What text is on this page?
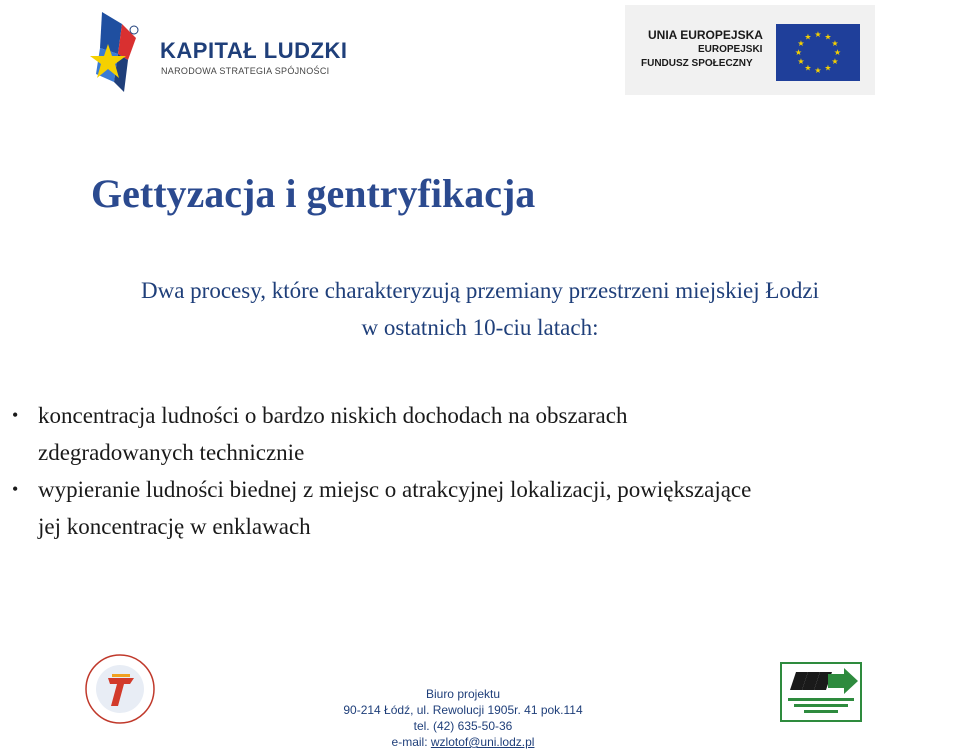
KAPITAŁ LUDZKI
NARODOWA STRATEGIA SPÓJNOŚCI
UNIA EUROPEJSKA
EUROPEJSKI
FUNDUSZ SPOŁECZNY
★ ★
★
★
★
★
★
★
★
★
★
★
Gettyzacja i gentryfikacja
Dwa procesy, które charakteryzują przemiany przestrzeni miejskiej Łodzi
w ostatnich 10-ciu latach:
• koncentracja ludności o bardzo niskich dochodach na obszarach
zdegradowanych technicznie
• wypieranie ludności biednej z miejsc o atrakcyjnej lokalizacji, powiększające
jej koncentrację w enklawach
Biuro projektu
90-214 Łódź, ul. Rewolucji 1905r. 41 pok.114
tel. (42) 635-50-36
e-mail: wzlotof@uni.lodz.pl
